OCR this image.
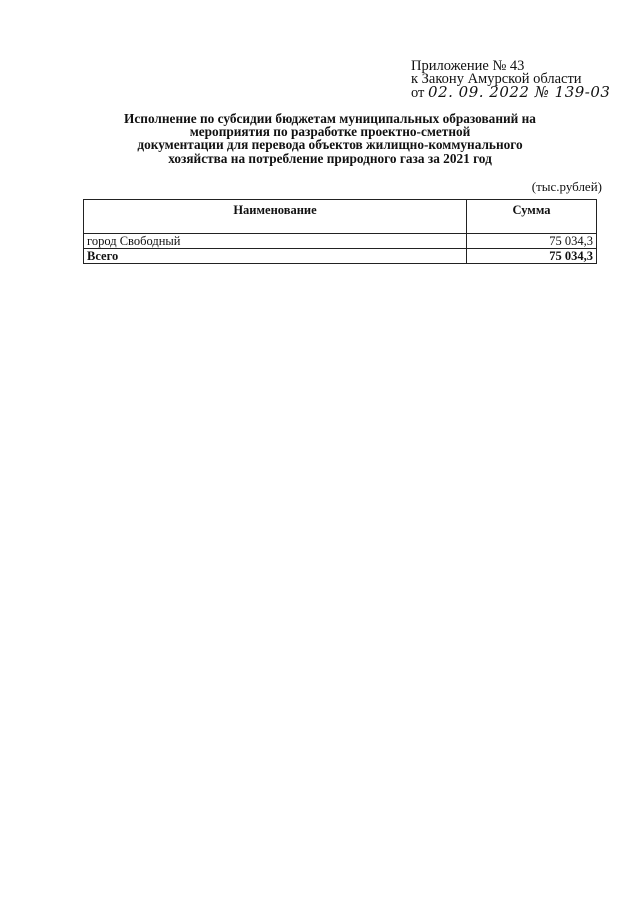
Приложение № 43
к Закону Амурской области
от 02. 09. 2022 № 139-03
Исполнение по субсидии бюджетам муниципальных образований на
мероприятия по разработке проектно-сметной
документации для перевода объектов жилищно-коммунального
хозяйства на потребление природного газа за 2021 год
(тыс.рублей)
Наименование	Сумма
город Свободный	75 034,3
Всего	75 034,3
